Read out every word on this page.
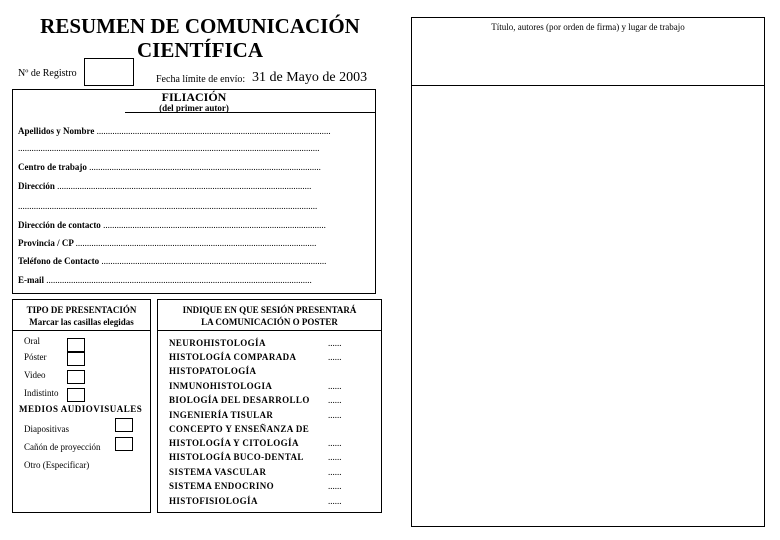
RESUMEN DE COMUNICACIÓN CIENTÍFICA
Nº de Registro
Fecha límite de envío: 31 de Mayo de 2003
FILIACIÓN
(del primer autor)
Apellidos y Nombre ........................................................................................................
......................................................................................................................................
Centro de trabajo .......................................................................................................
Dirección .................................................................................................................
.....................................................................................................................................
Dirección de contacto ...................................................................................................
Provincia / CP ...........................................................................................................
Teléfono de Contacto ....................................................................................................
E-mail ......................................................................................................................
TIPO DE PRESENTACIÓN
Marcar las casillas elegidas
Oral
Póster
Video
Indistinto
MEDIOS AUDIOVISUALES
Diapositivas
Cañón de proyección
Otro (Especificar)
INDIQUE EN QUE SESIÓN PRESENTARÁ
LA COMUNICACIÓN O POSTER
NEUROHISTOLOGÍA	......
HISTOLOGÍA COMPARADA	......
HISTOPATOLOGÍA
INMUNOHISTOLOGIA	......
BIOLOGÍA DEL DESARROLLO ......
INGENIERÍA TISULAR	......
CONCEPTO Y ENSEÑANZA DE
HISTOLOGÍA Y CITOLOGÍA	......
HISTOLOGÍA BUCO-DENTAL	......
SISTEMA VASCULAR	......
SISTEMA ENDOCRINO	......
HISTOFISIOLOGÍA	......
Título, autores (por orden de firma) y lugar de trabajo
